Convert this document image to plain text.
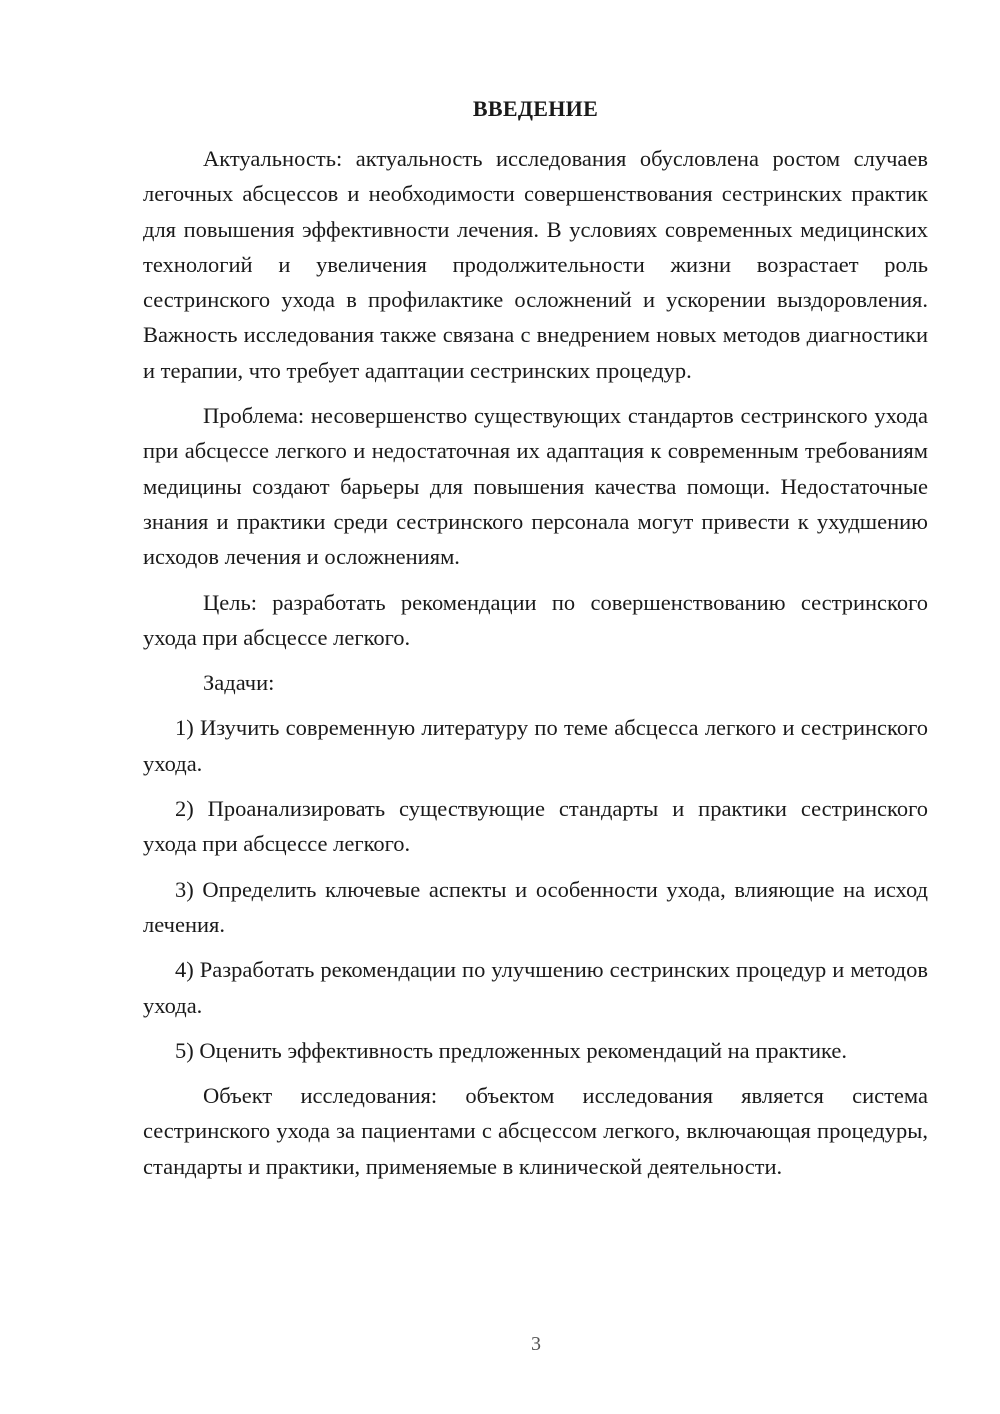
ВВЕДЕНИЕ

Актуальность: актуальность исследования обусловлена ростом случаев легочных абсцессов и необходимости совершенствования сестринских практик для повышения эффективности лечения. В условиях современных медицинских технологий и увеличения продолжительности жизни возрастает роль сестринского ухода в профилактике осложнений и ускорении выздоровления. Важность исследования также связана с внедрением новых методов диагностики и терапии, что требует адаптации сестринских процедур.

Проблема: несовершенство существующих стандартов сестринского ухода при абсцессе легкого и недостаточная их адаптация к современным требованиям медицины создают барьеры для повышения качества помощи. Недостаточные знания и практики среди сестринского персонала могут привести к ухудшению исходов лечения и осложнениям.

Цель: разработать рекомендации по совершенствованию сестринского ухода при абсцессе легкого.

Задачи:

1) Изучить современную литературу по теме абсцесса легкого и сестринского ухода.

2) Проанализировать существующие стандарты и практики сестринского ухода при абсцессе легкого.

3) Определить ключевые аспекты и особенности ухода, влияющие на исход лечения.

4) Разработать рекомендации по улучшению сестринских процедур и методов ухода.

5) Оценить эффективность предложенных рекомендаций на практике.

Объект исследования: объектом исследования является система сестринского ухода за пациентами с абсцессом легкого, включающая процедуры, стандарты и практики, применяемые в клинической деятельности.

3
